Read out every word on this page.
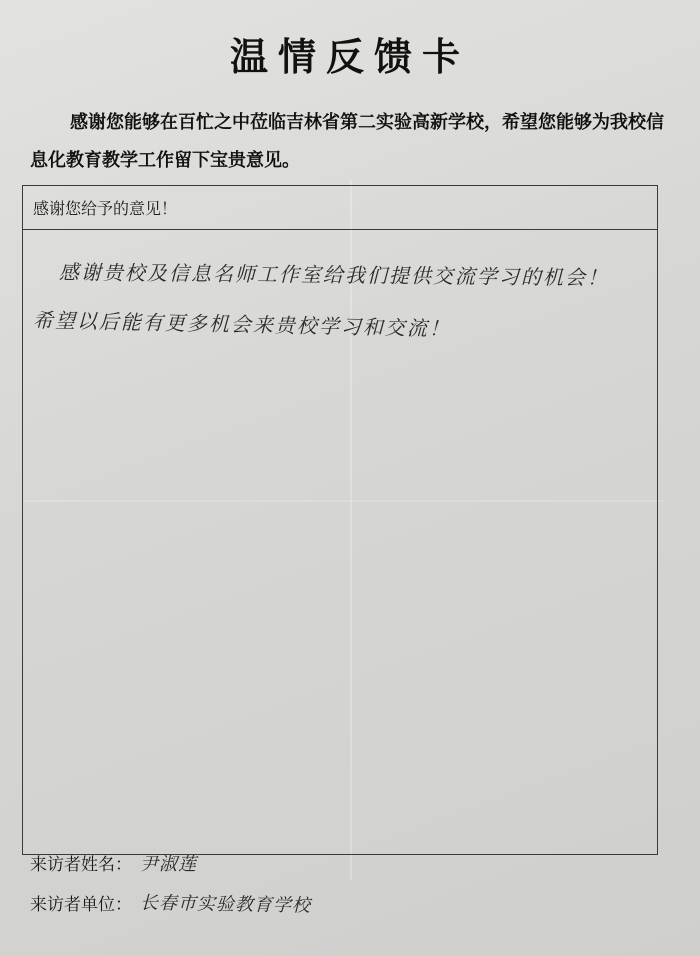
温情反馈卡
感谢您能够在百忙之中莅临吉林省第二实验高新学校，希望您能够为我校信息化教育教学工作留下宝贵意见。
感谢您给予的意见！
感谢贵校及信息名师工作室给我们提供交流学习的机会！
希望以后能有更多机会来贵校学习和交流！
来访者姓名： 尹淑莲
来访者单位： 长春市实验教育学校
